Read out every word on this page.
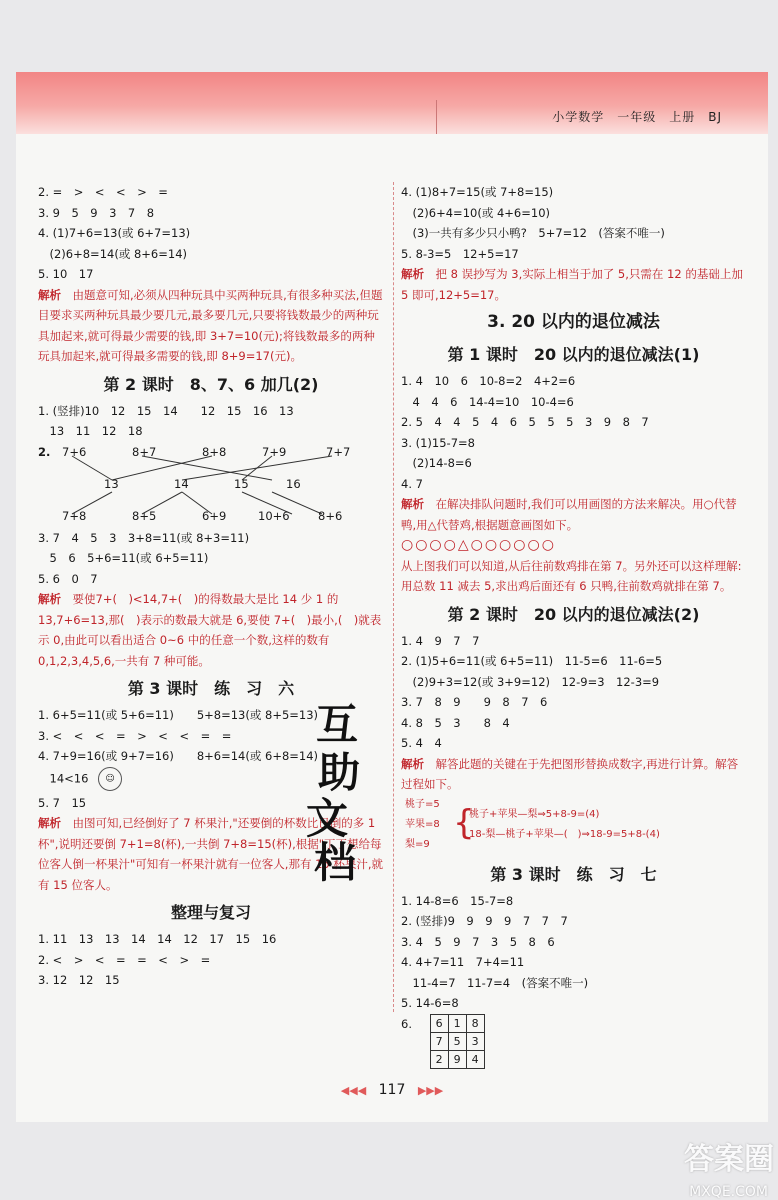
小学数学　一年级　上册　BJ
2. =　>　<　<　>　=
3. 9　5　9　3　7　8
4. (1)7+6=13(或 6+7=13)
　(2)6+8=14(或 8+6=14)
5. 10　17
解析　由题意可知,必须从四种玩具中买两种玩具,有很多种买法,但题目要求买两种玩具最少要几元,最多要几元,只要将钱数最少的两种玩具加起来,就可得最少需要的钱,即 3+7=10(元);将钱数最多的两种玩具加起来,就可得最多需要的钱,即 8+9=17(元)。
第 2 课时　8、7、6 加几(2)
1. (竖排)10　12　15　14　　12　15　16　13
　13　11　12　18
2. 7+6	8+7	8+8	7+9	7+7
13	14	15	16
7+8	8+5	6+9	10+6 8+6
3. 7　4　5　3　3+8=11(或 8+3=11)
　5　6　5+6=11(或 6+5=11)
5. 6　0　7
解析　要使7+(　)<14,7+(　)的得数最大是比 14 少 1 的 13,7+6=13,那(　)表示的数最大就是 6,要使 7+(　)最小,(　)就表示 0,由此可以看出适合 0~6 中的任意一个数,这样的数有 0,1,2,3,4,5,6,一共有 7 种可能。
第 3 课时　练　习　六
1. 6+5=11(或 5+6=11)　　5+8=13(或 8+5=13)
3. <　<　<　=　>　<　<　=　=
4. 7+9=16(或 9+7=16)　　8+6=14(或 6+8=14)
　14<16 ☺
5. 7　15
解析　由图可知,已经倒好了 7 杯果汁,"还要倒的杯数比已倒的多 1 杯",说明还要倒 7+1=8(杯),一共倒 7+8=15(杯),根据"丁丁想给每位客人倒一杯果汁"可知有一杯果汁就有一位客人,那有 15 杯果汁,就有 15 位客人。
整理与复习
1. 11　13　13　14　14　12　17　15　16
2. <　>　<　=　=　<　>　=
3. 12　12　15
4. (1)8+7=15(或 7+8=15)
　(2)6+4=10(或 4+6=10)
　(3)一共有多少只小鸭?　5+7=12　(答案不唯一)
5. 8-3=5　12+5=17
解析　把 8 误抄写为 3,实际上相当于加了 5,只需在 12 的基础上加 5 即可,12+5=17。
3. 20 以内的退位减法
第 1 课时　20 以内的退位减法(1)
1. 4　10　6　10-8=2　4+2=6
　4　4　6　14-4=10　10-4=6
2. 5　4　4　5　4　6　5　5　5　3　9　8　7
3. (1)15-7=8
　(2)14-8=6
4. 7
解析　在解决排队问题时,我们可以用画图的方法来解决。用○代替鸭,用△代替鸡,根据题意画图如下。
○○○○△○○○○○○
从上图我们可以知道,从后往前数鸡排在第 7。另外还可以这样理解:用总数 11 减去 5,求出鸡后面还有 6 只鸭,往前数鸡就排在第 7。
第 2 课时　20 以内的退位减法(2)
1. 4　9　7　7
2. (1)5+6=11(或 6+5=11)　11-5=6　11-6=5
　(2)9+3=12(或 3+9=12)　12-9=3　12-3=9
3. 7　8　9　　9　8　7　6
4. 8　5　3　　8　4
5. 4　4
解析　解答此题的关键在于先把图形替换成数字,再进行计算。解答过程如下。
桃子=5
苹果=8
梨=9
{
桃子+苹果—梨⇒5+8-9=(4)
18-梨—桃子+苹果—(　)⇒18-9=5+8-(4)
第 3 课时　练　习　七
1. 14-8=6　15-7=8
2. (竖排)9　9　9　9　7　7　7
3. 4　5　9　7　3　5　8　6
4. 4+7=11　7+4=11
　11-4=7　11-7=4　(答案不唯一)
5. 14-6=8
6. 6	1	8
7	5	3
2	9	4
互
助
文
档
◀◀◀ 117 ▶▶▶
答案圈
MXQE.COM
